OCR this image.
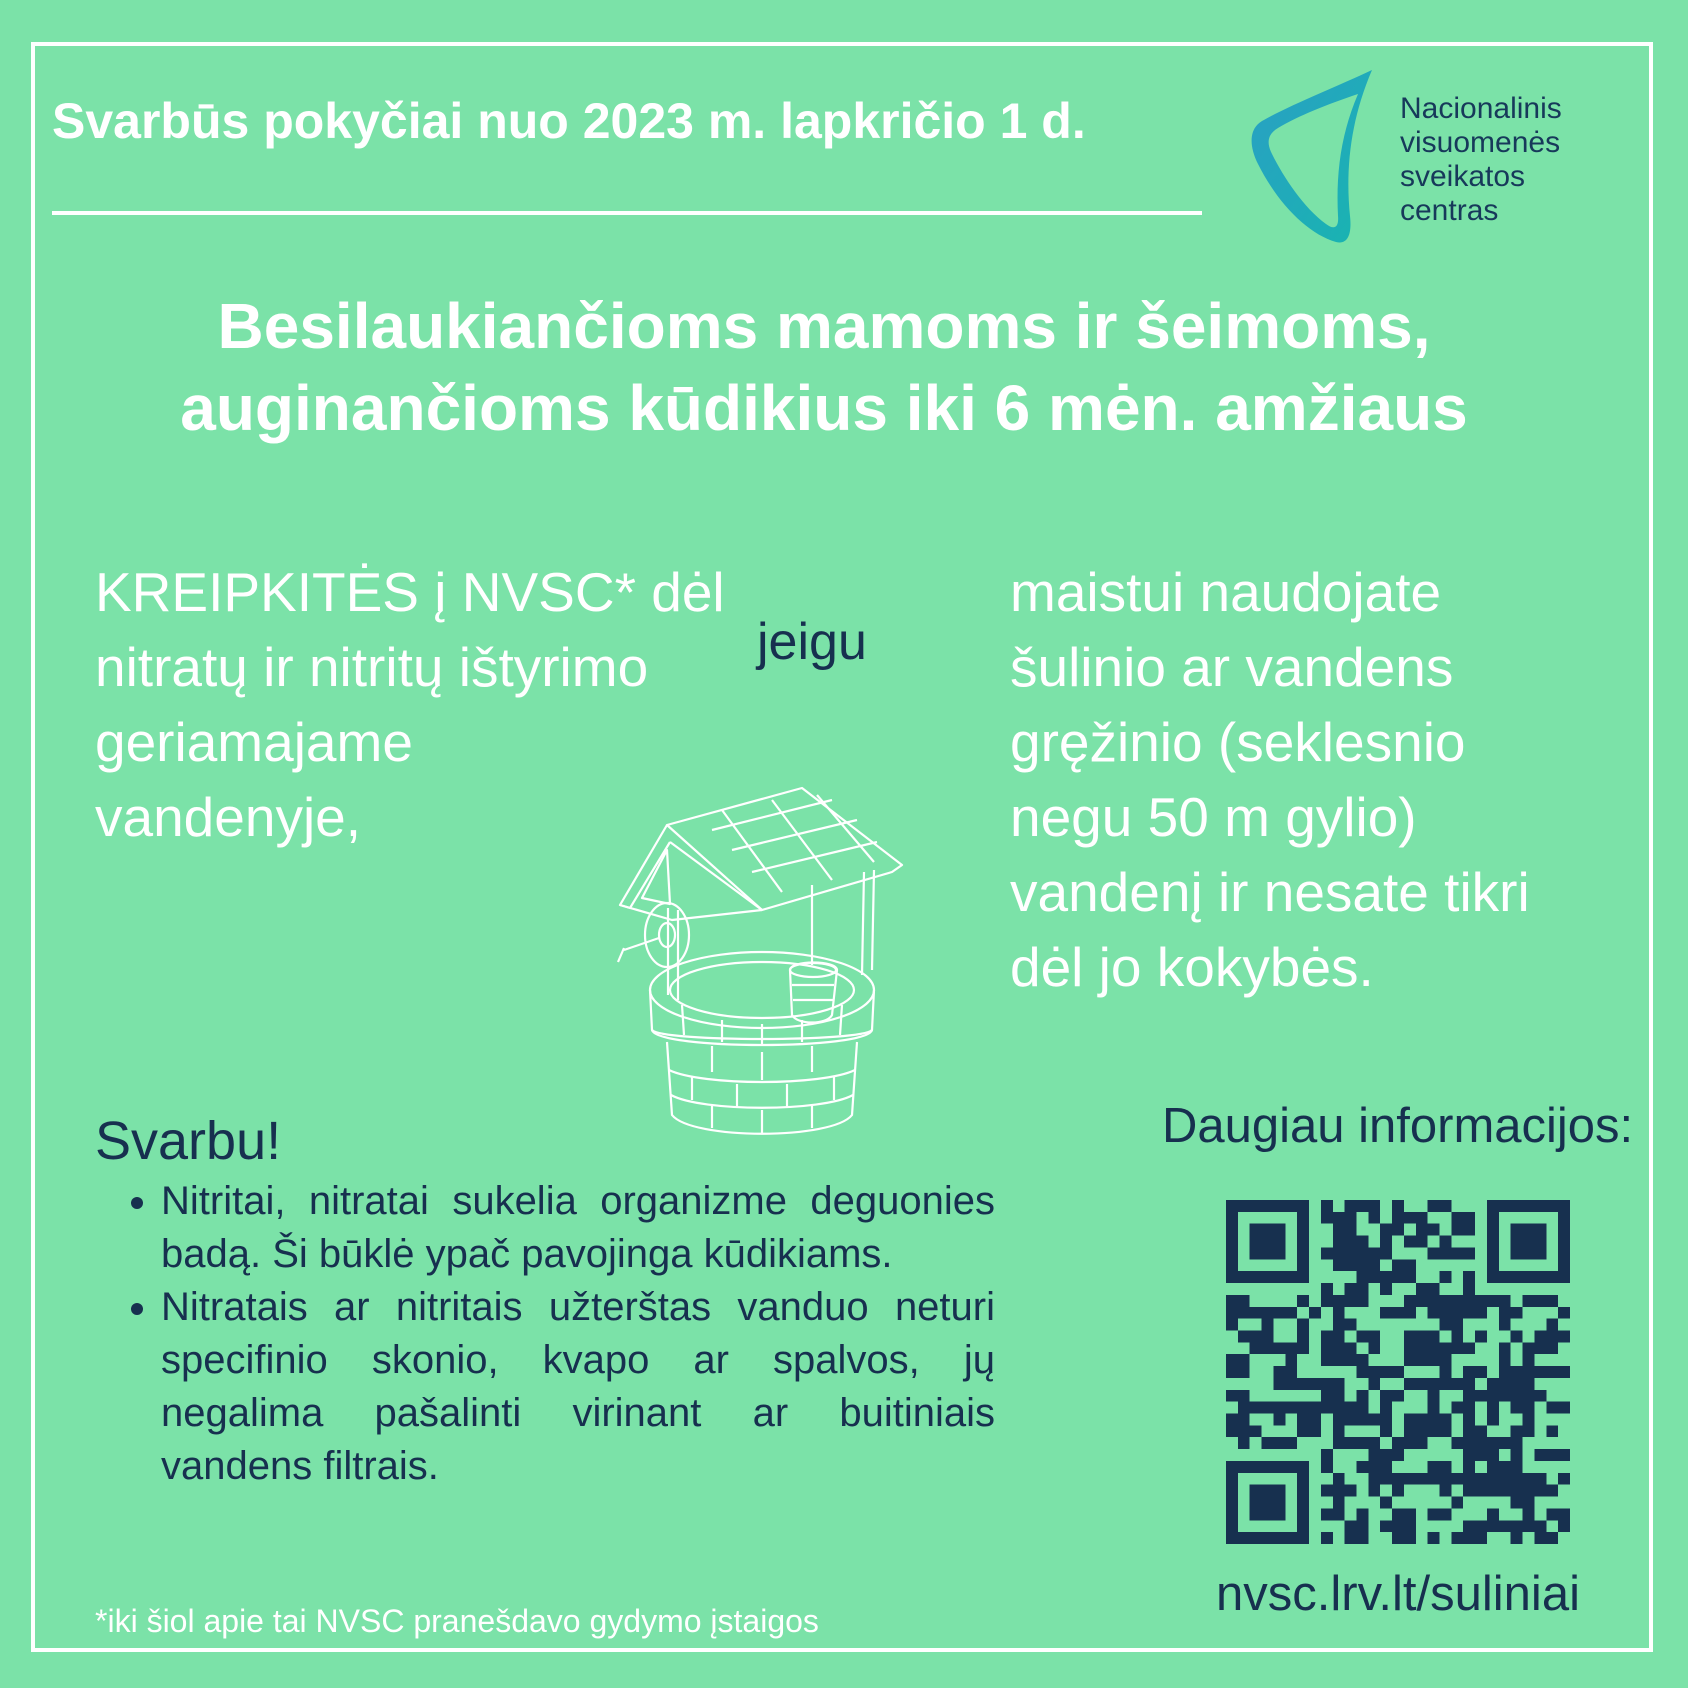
Svarbūs pokyčiai nuo 2023 m. lapkričio 1 d.	Nacionalinis
visuomenės
sveikatos
centras
Besilaukiančioms mamoms ir šeimoms,
auginančioms kūdikius iki 6 mėn. amžiaus
KREIPKITĖS į NVSC* dėl
nitratų ir nitritų ištyrimo
geriamajame
vandenyje,
jeigu
maistui naudojate
šulinio ar vandens
gręžinio (seklesnio
negu 50 m gylio)
vandenį ir nesate tikri
dėl jo kokybės.
Svarbu!
• Nitritai, nitratai sukelia organizme deguonies badą. Ši būklė ypač pavojinga kūdikiams.
• Nitratais ar nitritais užterštas vanduo neturi specifinio skonio, kvapo ar spalvos, jų negalima pašalinti virinant ar buitiniais vandens filtrais.
*iki šiol apie tai NVSC pranešdavo gydymo įstaigos
Daugiau informacijos:
nvsc.lrv.lt/suliniai
